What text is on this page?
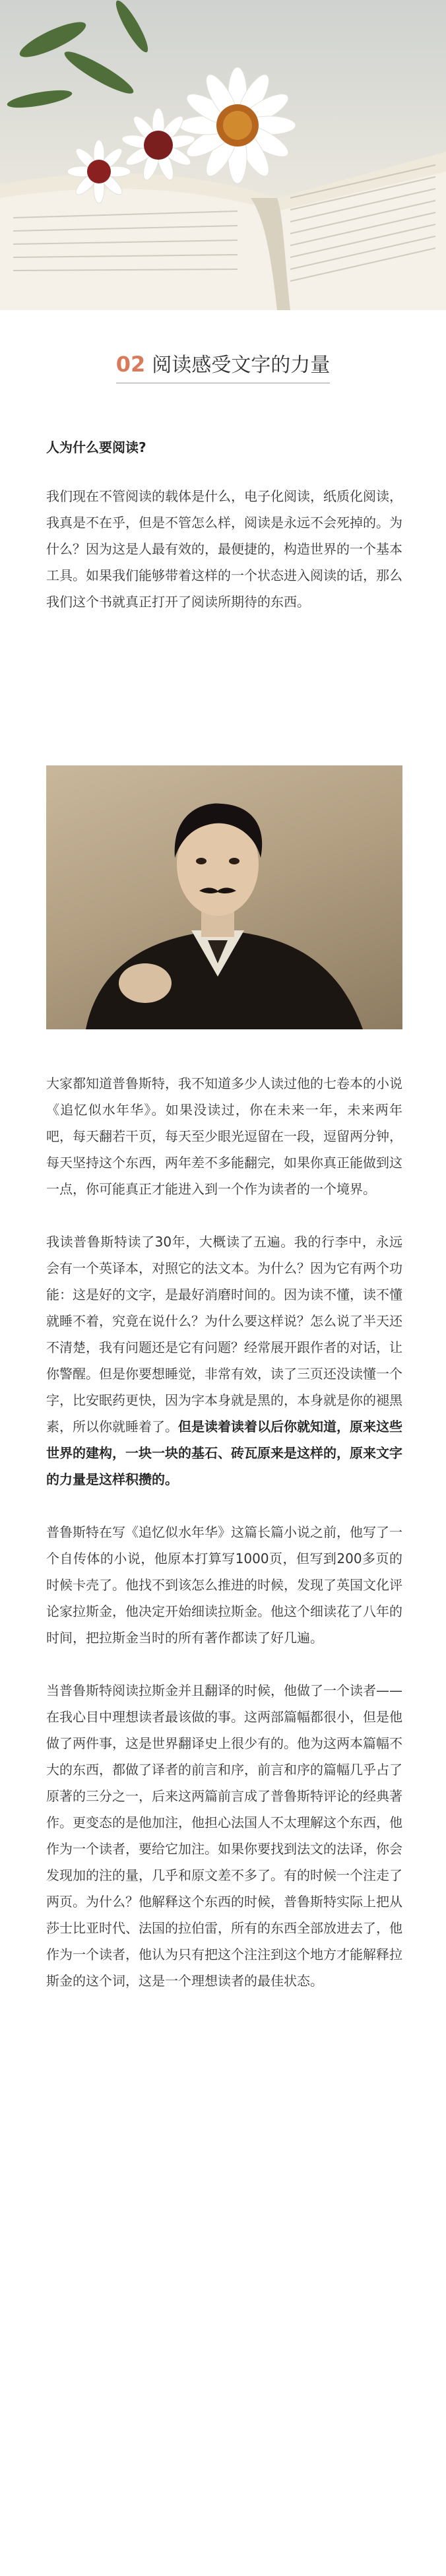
02 阅读感受文字的力量
人为什么要阅读?

我们现在不管阅读的载体是什么，电子化阅读，纸质化阅读，我真是不在乎，但是不管怎么样，阅读是永远不会死掉的。为什么？因为这是人最有效的，最便捷的，构造世界的一个基本工具。如果我们能够带着这样的一个状态进入阅读的话，那么我们这个书就真正打开了阅读所期待的东西。

大家都知道普鲁斯特，我不知道多少人读过他的七卷本的小说《追忆似水年华》。如果没读过，你在未来一年，未来两年吧，每天翻若干页，每天至少眼光逗留在一段，逗留两分钟，每天坚持这个东西，两年差不多能翻完，如果你真正能做到这一点，你可能真正才能进入到一个作为读者的一个境界。

我读普鲁斯特读了30年，大概读了五遍。我的行李中，永远会有一个英译本，对照它的法文本。为什么？因为它有两个功能：这是好的文字，是最好消磨时间的。因为读不懂，读不懂就睡不着，究竟在说什么？为什么要这样说？怎么说了半天还不清楚，我有问题还是它有问题？经常展开跟作者的对话，让你警醒。但是你要想睡觉，非常有效，读了三页还没读懂一个字，比安眠药更快，因为字本身就是黑的，本身就是你的褪黑素，所以你就睡着了。但是读着读着以后你就知道，原来这些世界的建构，一块一块的基石、砖瓦原来是这样的，原来文字的力量是这样积攒的。

普鲁斯特在写《追忆似水年华》这篇长篇小说之前，他写了一个自传体的小说，他原本打算写1000页，但写到200多页的时候卡壳了。他找不到该怎么推进的时候，发现了英国文化评论家拉斯金，他决定开始细读拉斯金。他这个细读花了八年的时间，把拉斯金当时的所有著作都读了好几遍。

当普鲁斯特阅读拉斯金并且翻译的时候，他做了一个读者——在我心目中理想读者最该做的事。这两部篇幅都很小，但是他做了两件事，这是世界翻译史上很少有的。他为这两本篇幅不大的东西，都做了译者的前言和序，前言和序的篇幅几乎占了原著的三分之一，后来这两篇前言成了普鲁斯特评论的经典著作。更变态的是他加注，他担心法国人不太理解这个东西，他作为一个读者，要给它加注。如果你要找到法文的法译，你会发现加的注的量，几乎和原文差不多了。有的时候一个注走了两页。为什么？他解释这个东西的时候，普鲁斯特实际上把从莎士比亚时代、法国的拉伯雷，所有的东西全部放进去了，他作为一个读者，他认为只有把这个注注到这个地方才能解释拉斯金的这个词，这是一个理想读者的最佳状态。
